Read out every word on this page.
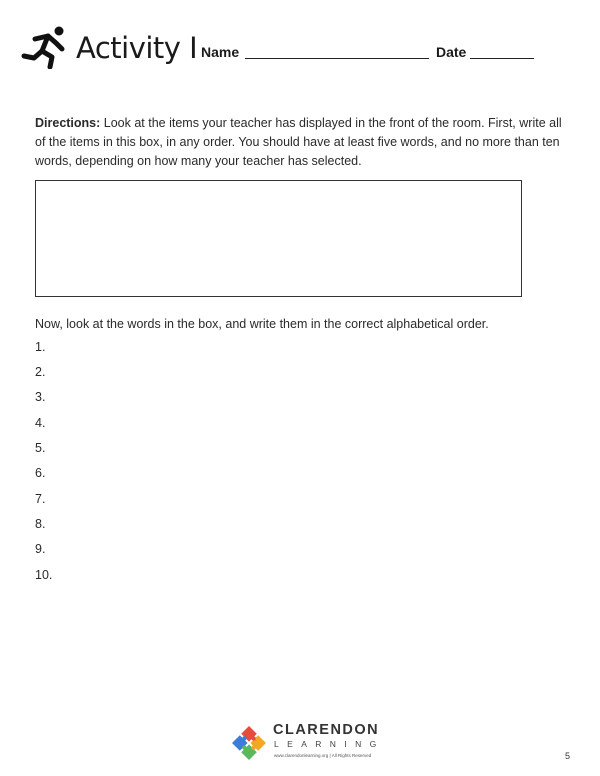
Activity I Name	Date
Directions: Look at the items your teacher has displayed in the front of the room. First, write all of the items in this box, in any order. You should have at least five words, and no more than ten words, depending on how many your teacher has selected.
Now, look at the words in the box, and write them in the correct alphabetical order.
1.
2.
3.
4.
5.
6.
7.
8.
9.
10.
CLARENDON
LEARNING
www.clarendonlearning.org | All Rights Reserved	5
